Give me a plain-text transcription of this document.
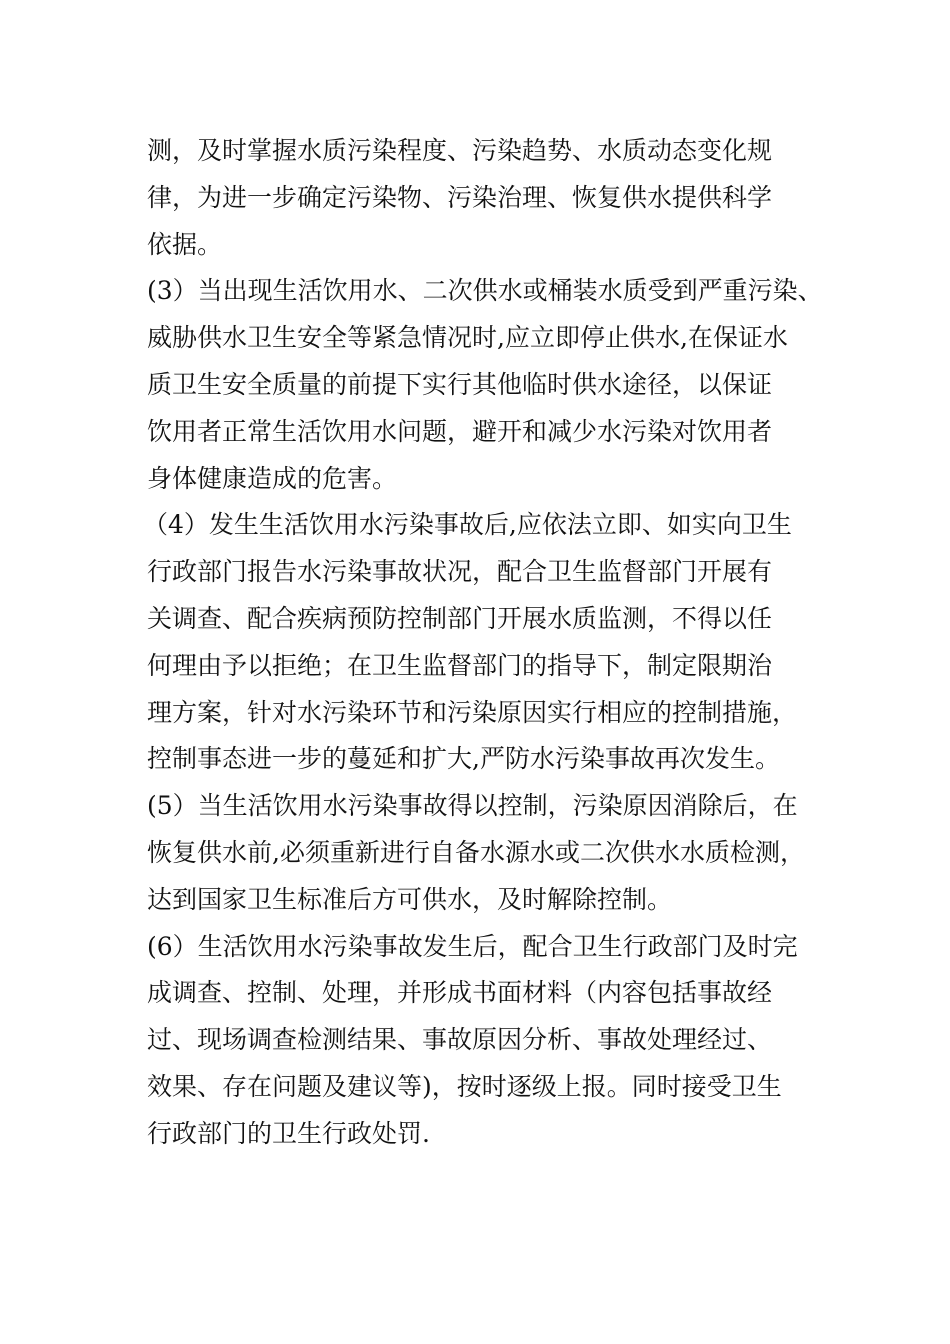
测，及时掌握水质污染程度、污染趋势、水质动态变化规
律，为进一步确定污染物、污染治理、恢复供水提供科学
依据。
(3）当出现生活饮用水、二次供水或桶装水质受到严重污染、
威胁供水卫生安全等紧急情况时,应立即停止供水,在保证水
质卫生安全质量的前提下实行其他临时供水途径，以保证
饮用者正常生活饮用水问题，避开和减少水污染对饮用者
身体健康造成的危害。
（4）发生生活饮用水污染事故后,应依法立即、如实向卫生
行政部门报告水污染事故状况，配合卫生监督部门开展有
关调查、配合疾病预防控制部门开展水质监测，不得以任
何理由予以拒绝；在卫生监督部门的指导下，制定限期治
理方案，针对水污染环节和污染原因实行相应的控制措施，
控制事态进一步的蔓延和扩大,严防水污染事故再次发生。
(5）当生活饮用水污染事故得以控制，污染原因消除后，在
恢复供水前,必须重新进行自备水源水或二次供水水质检测，
达到国家卫生标准后方可供水，及时解除控制。
(6）生活饮用水污染事故发生后，配合卫生行政部门及时完
成调查、控制、处理，并形成书面材料（内容包括事故经
过、现场调查检测结果、事故原因分析、事故处理经过、
效果、存在问题及建议等)，按时逐级上报。同时接受卫生
行政部门的卫生行政处罚.
